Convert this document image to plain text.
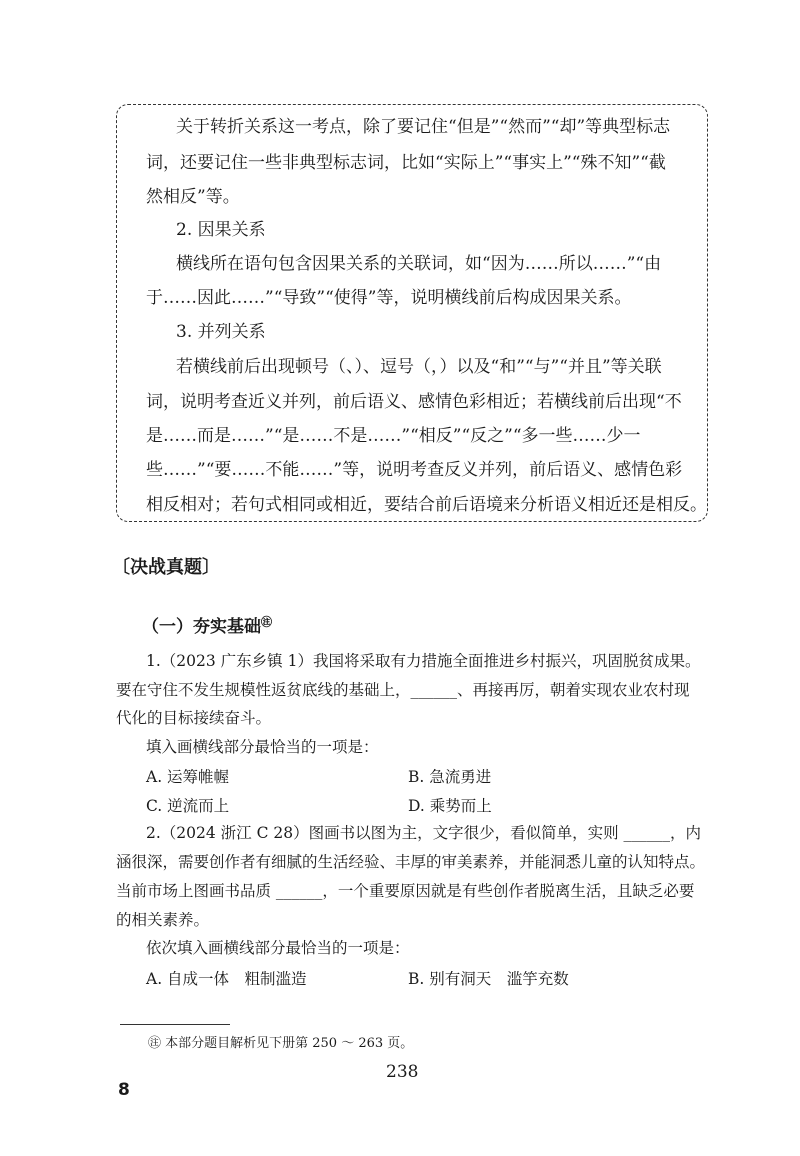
关于转折关系这一考点，除了要记住“但是”“然而”“却”等典型标志
词，还要记住一些非典型标志词，比如“实际上”“事实上”“殊不知”“截
然相反”等。
2. 因果关系
横线所在语句包含因果关系的关联词，如“因为……所以……”“由
于……因此……”“导致”“使得”等，说明横线前后构成因果关系。
3. 并列关系
若横线前后出现顿号（、）、逗号（，）以及“和”“与”“并且”等关联
词，说明考查近义并列，前后语义、感情色彩相近；若横线前后出现“不
是……而是……”“是……不是……”“相反”“反之”“多一些……少一
些……”“要……不能……”等，说明考查反义并列，前后语义、感情色彩
相反相对；若句式相同或相近，要结合前后语境来分析语义相近还是相反。
〔决战真题〕
（一）夯实基础㊟
1.（2023 广东乡镇 1）我国将采取有力措施全面推进乡村振兴，巩固脱贫成果。
要在守住不发生规模性返贫底线的基础上，______、再接再厉，朝着实现农业农村现
代化的目标接续奋斗。
填入画横线部分最恰当的一项是：
A. 运筹帷幄	B. 急流勇进
C. 逆流而上	D. 乘势而上
2.（2024 浙江 C 28）图画书以图为主，文字很少，看似简单，实则 ______，内
涵很深，需要创作者有细腻的生活经验、丰厚的审美素养，并能洞悉儿童的认知特点。
当前市场上图画书品质 ______，一个重要原因就是有些创作者脱离生活，且缺乏必要
的相关素养。
依次填入画横线部分最恰当的一项是：
A. 自成一体　粗制滥造	B. 别有洞天　滥竽充数
㊟ 本部分题目解析见下册第 250 ～ 263 页。
238
8
